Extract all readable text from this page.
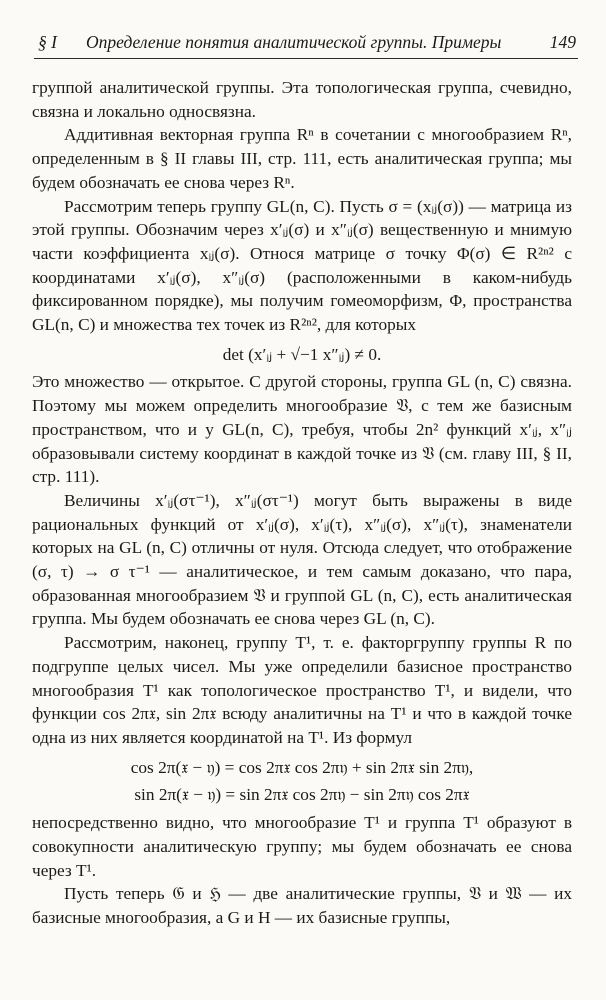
§ I Определение понятия аналитической группы. Примеры	149

группой аналитической группы. Эта топологическая группа, счевидно, связна и локально односвязна.

Аддитивная векторная группа Rⁿ в сочетании с многообразием Rⁿ, определенным в § II главы III, стр. 111, есть аналитическая группа; мы будем обозначать ее снова через Rⁿ.

Рассмотрим теперь группу GL(n, C). Пусть σ = (xᵢⱼ(σ)) — матрица из этой группы. Обозначим через x′ᵢⱼ(σ) и x″ᵢⱼ(σ) вещественную и мнимую части коэффициента xᵢⱼ(σ). Относя матрице σ точку Φ(σ) ∈ R²ⁿ² с координатами x′ᵢⱼ(σ), x″ᵢⱼ(σ) (расположенными в каком-нибудь фиксированном порядке), мы получим гомеоморфизм, Φ, пространства GL(n, C) и множества тех точек из R²ⁿ², для которых

det (x′ᵢⱼ + √−1 x″ᵢⱼ) ≠ 0.

Это множество — открытое. С другой стороны, группа GL (n, C) связна. Поэтому мы можем определить многообразие 𝔙, с тем же базисным пространством, что и у GL(n, C), требуя, чтобы 2n² функций x′ᵢⱼ, x″ᵢⱼ образовывали систему координат в каждой точке из 𝔙 (см. главу III, § II, стр. 111).

Величины x′ᵢⱼ(στ⁻¹), x″ᵢⱼ(στ⁻¹) могут быть выражены в виде рациональных функций от x′ᵢⱼ(σ), x′ᵢⱼ(τ), x″ᵢⱼ(σ), x″ᵢⱼ(τ), знаменатели которых на GL (n, C) отличны от нуля. Отсюда следует, что отображение (σ, τ) → σ τ⁻¹ — аналитическое, и тем самым доказано, что пара, образованная многообразием 𝔙 и группой GL (n, C), есть аналитическая группа. Мы будем обозначать ее снова через GL (n, C).

Рассмотрим, наконец, группу T¹, т. е. факторгруппу группы R по подгруппе целых чисел. Мы уже определили базисное пространство многообразия T¹ как топологическое пространство T¹, и видели, что функции cos 2π𝔵, sin 2π𝔵 всюду аналитичны на T¹ и что в каждой точке одна из них является координатой на T¹. Из формул

cos 2π(𝔵 − 𝔶) = cos 2π𝔵 cos 2π𝔶 + sin 2π𝔵 sin 2π𝔶,

sin 2π(𝔵 − 𝔶) = sin 2π𝔵 cos 2π𝔶 − sin 2π𝔶 cos 2π𝔵

непосредственно видно, что многообразие T¹ и группа T¹ образуют в совокупности аналитическую группу; мы будем обозначать ее снова через T¹.

Пусть теперь 𝔊 и ℌ — две аналитические группы, 𝔙 и 𝔚 — их базисные многообразия, а G и H — их базисные группы,
